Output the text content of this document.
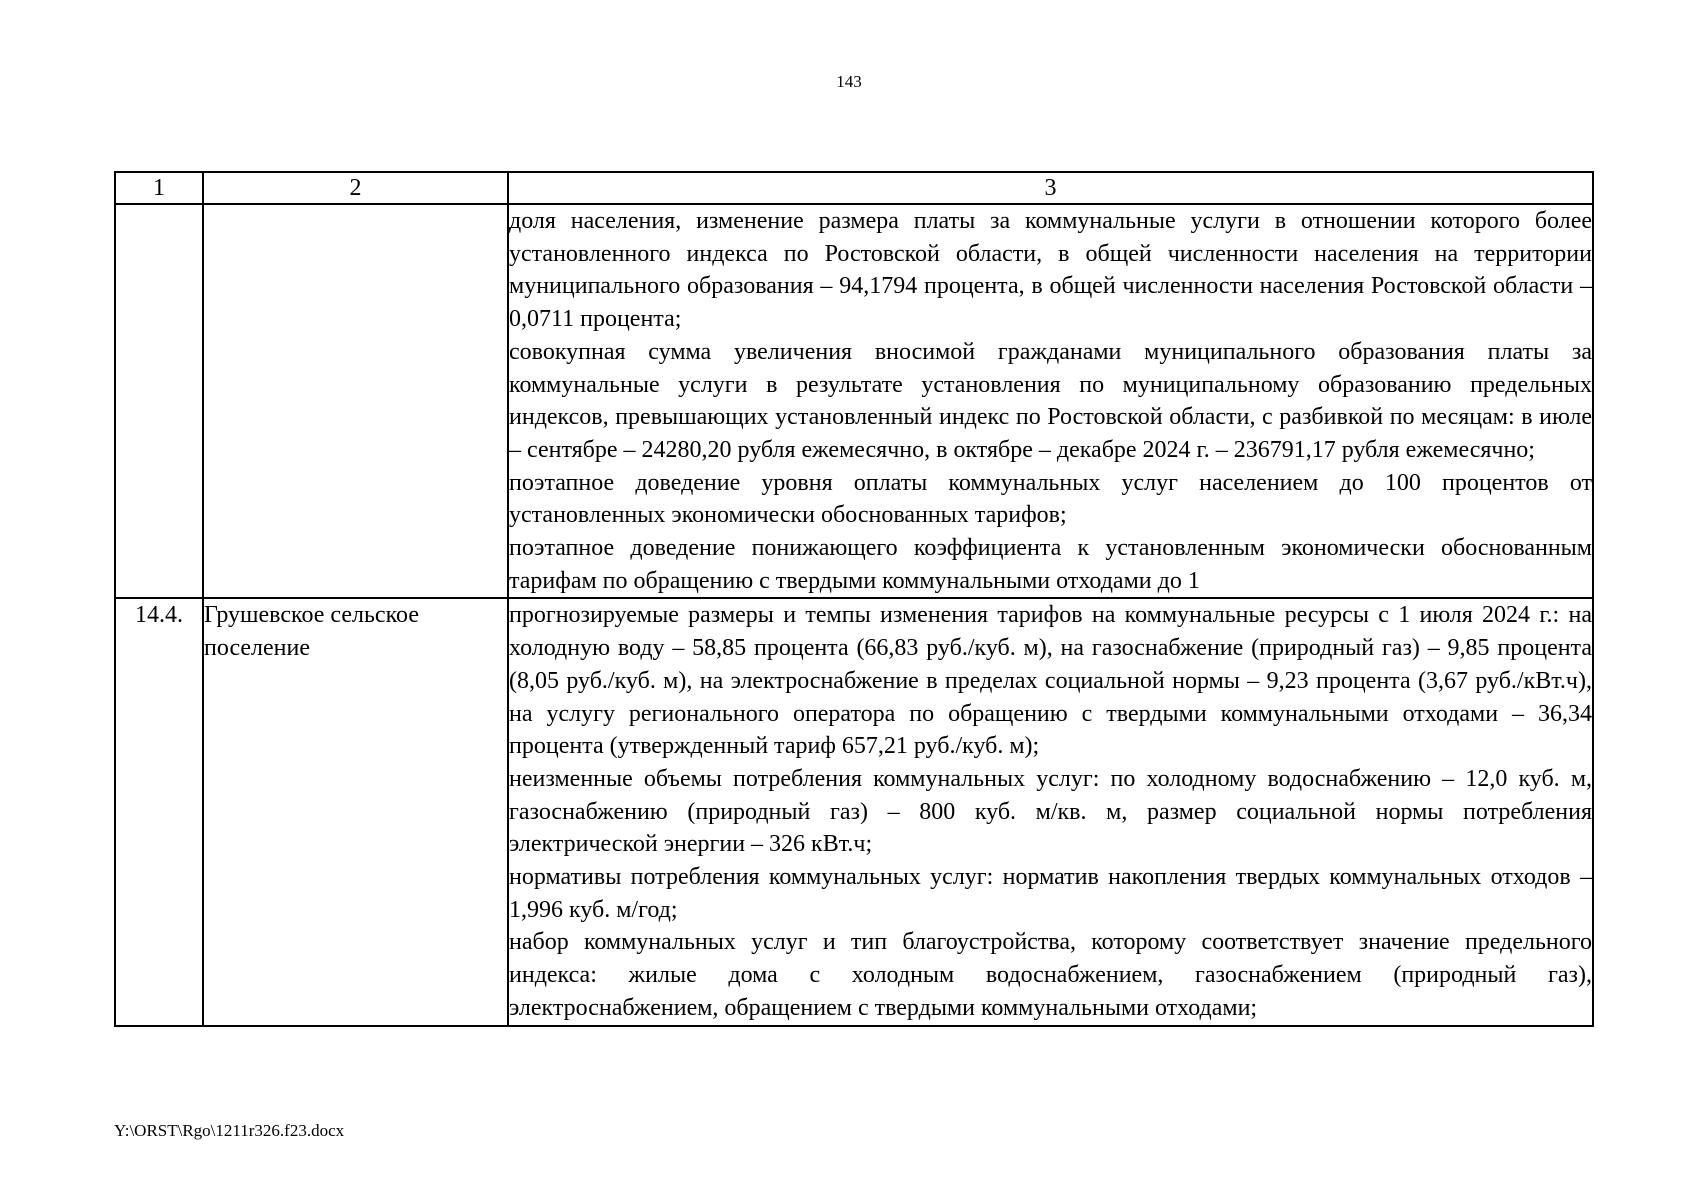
143
1	2	3

		доля населения, изменение размера платы за коммунальные услуги в отношении которого более установленного индекса по Ростовской области, в общей численности населения на территории муниципального образования – 94,1794 процента, в общей численности населения Ростовской области – 0,0711 процента;

совокупная сумма увеличения вносимой гражданами муниципального образования платы за коммунальные услуги в результате установления по муниципальному образованию предельных индексов, превышающих установленный индекс по Ростовской области, с разбивкой по месяцам: в июле – сентябре – 24280,20 рубля ежемесячно, в октябре – декабре 2024 г. – 236791,17 рубля ежемесячно;

поэтапное доведение уровня оплаты коммунальных услуг населением до 100 процентов от установленных экономически обоснованных тарифов;

поэтапное доведение понижающего коэффициента к установленным экономически обоснованным тарифам по обращению с твердыми коммунальными отходами до 1

14.4.	Грушевское сельское поселение	прогнозируемые размеры и темпы изменения тарифов на коммунальные ресурсы с 1 июля 2024 г.: на холодную воду – 58,85 процента (66,83 руб./куб. м), на газоснабжение (природный газ) – 9,85 процента (8,05 руб./куб. м), на электроснабжение в пределах социальной нормы – 9,23 процента (3,67 руб./кВт.ч), на услугу регионального оператора по обращению с твердыми коммунальными отходами – 36,34 процента (утвержденный тариф 657,21 руб./куб. м);

неизменные объемы потребления коммунальных услуг: по холодному водоснабжению – 12,0 куб. м, газоснабжению (природный газ) – 800 куб. м/кв. м, размер социальной нормы потребления электрической энергии – 326 кВт.ч;

нормативы потребления коммунальных услуг: норматив накопления твердых коммунальных отходов – 1,996 куб. м/год;

набор коммунальных услуг и тип благоустройства, которому соответствует значение предельного индекса: жилые дома с холодным водоснабжением, газоснабжением (природный газ), электроснабжением, обращением с твердыми коммунальными отходами;

Y:\ORST\Rgo\1211r326.f23.docx
